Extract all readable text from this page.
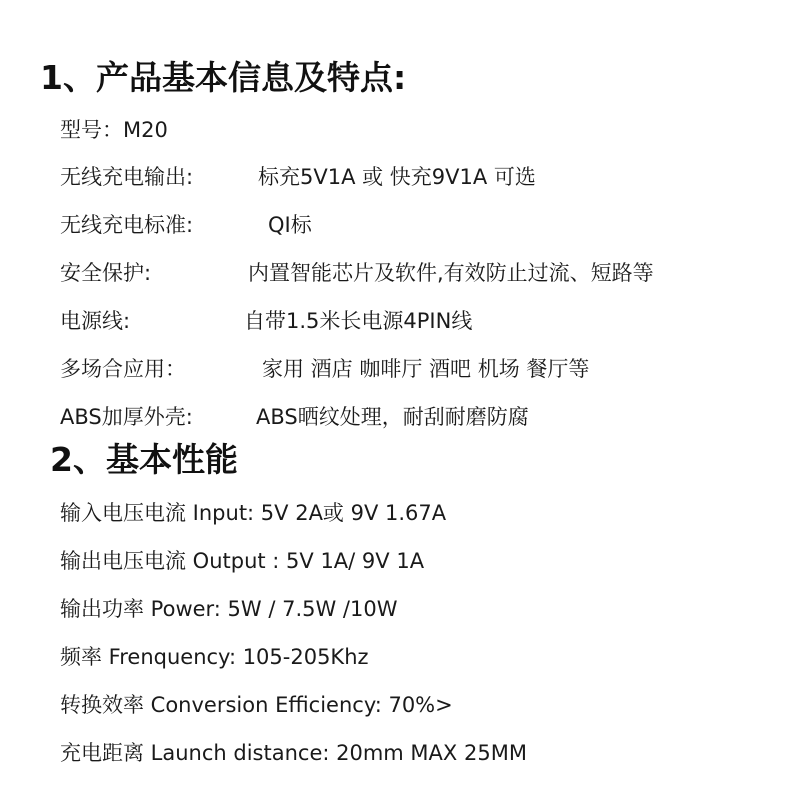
1、产品基本信息及特点:
型号：M20
无线充电输出:	标充5V1A 或 快充9V1A 可选
无线充电标准:	QI标
安全保护:	内置智能芯片及软件,有效防止过流、短路等
电源线:	自带1.5米长电源4PIN线
多场合应用：	家用 酒店 咖啡厅 酒吧 机场 餐厅等
ABS加厚外壳:	ABS晒纹处理，耐刮耐磨防腐
2、基本性能
输入电压电流 Input: 5V 2A或 9V 1.67A
输出电压电流 Output : 5V 1A/ 9V 1A
输出功率 Power: 5W / 7.5W /10W
频率 Frenquency: 105-205Khz
转换效率 Conversion Efficiency: 70%>
充电距离 Launch distance: 20mm MAX 25MM
